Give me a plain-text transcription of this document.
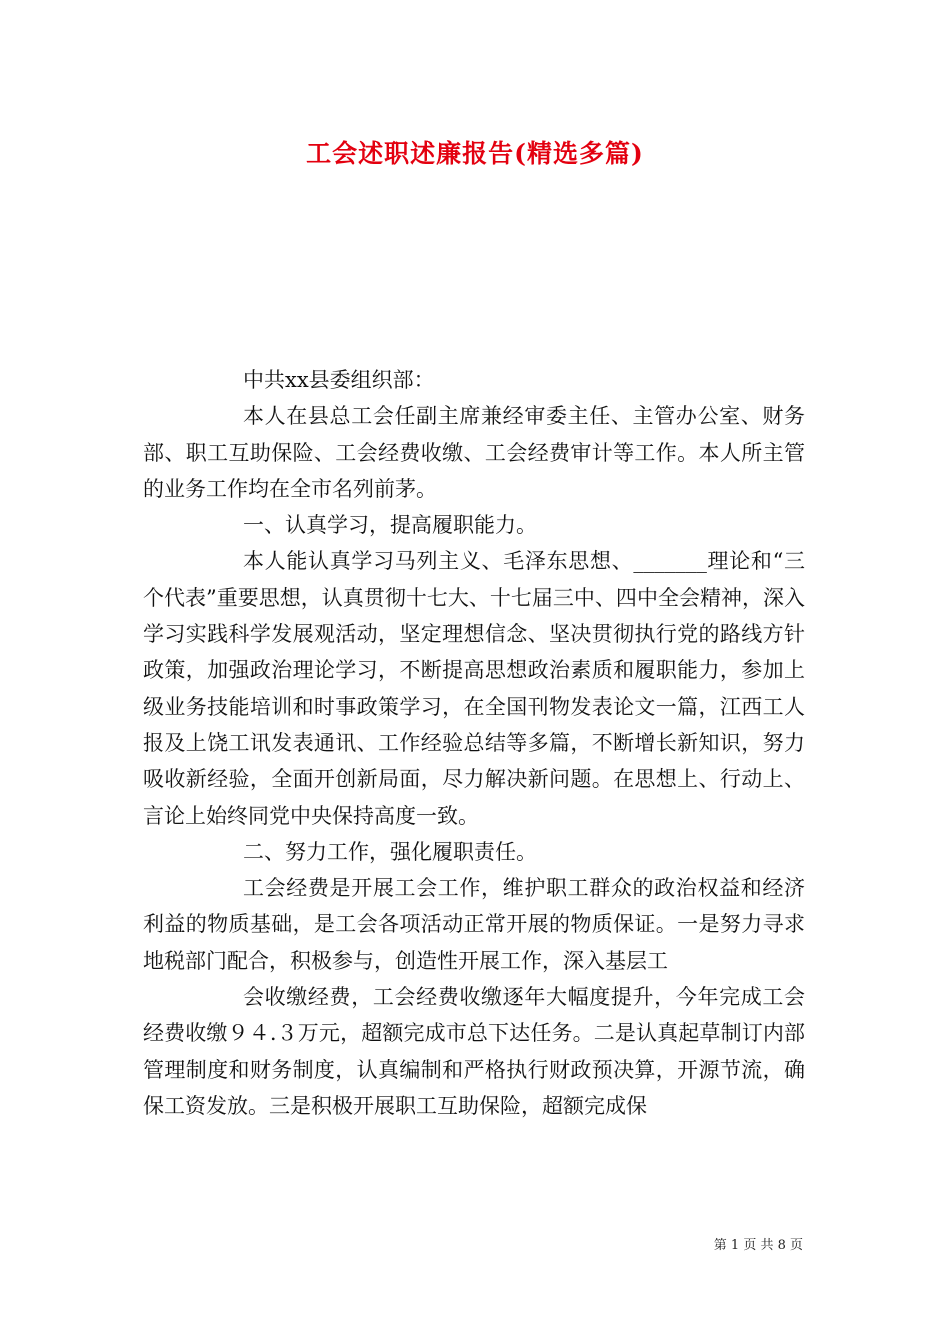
工会述职述廉报告(精选多篇)

中共xx县委组织部：

本人在县总工会任副主席兼经审委主任、主管办公室、财务部、职工互助保险、工会经费收缴、工会经费审计等工作。本人所主管的业务工作均在全市名列前茅。

一、认真学习，提高履职能力。

本人能认真学习马列主义、毛泽东思想、_______理论和“三个代表”重要思想，认真贯彻十七大、十七届三中、四中全会精神，深入学习实践科学发展观活动，坚定理想信念、坚决贯彻执行党的路线方针政策，加强政治理论学习，不断提高思想政治素质和履职能力，参加上级业务技能培训和时事政策学习，在全国刊物发表论文一篇，江西工人报及上饶工讯发表通讯、工作经验总结等多篇，不断增长新知识，努力吸收新经验，全面开创新局面，尽力解决新问题。在思想上、行动上、言论上始终同党中央保持高度一致。

二、努力工作，强化履职责任。

工会经费是开展工会工作，维护职工群众的政治权益和经济利益的物质基础，是工会各项活动正常开展的物质保证。一是努力寻求地税部门配合，积极参与，创造性开展工作，深入基层工

会收缴经费，工会经费收缴逐年大幅度提升，今年完成工会经费收缴９４.３万元，超额完成市总下达任务。二是认真起草制订内部管理制度和财务制度，认真编制和严格执行财政预决算，开源节流，确保工资发放。三是积极开展职工互助保险，超额完成保

第 1 页 共 8 页
